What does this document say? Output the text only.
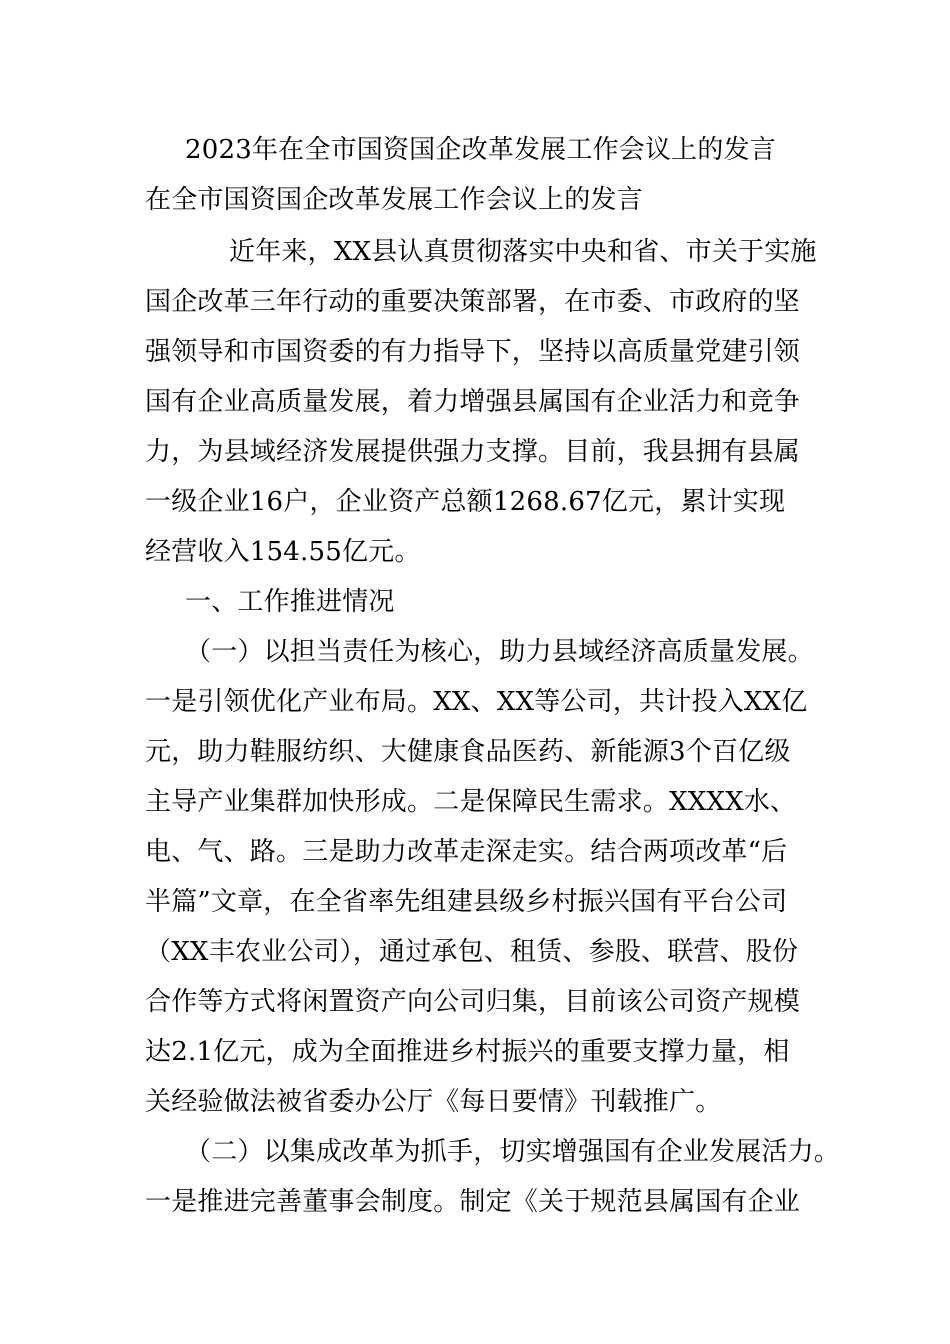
2023年在全市国资国企改革发展工作会议上的发言
在全市国资国企改革发展工作会议上的发言
近年来，XX县认真贯彻落实中央和省、市关于实施
国企改革三年行动的重要决策部署，在市委、市政府的坚
强领导和市国资委的有力指导下，坚持以高质量党建引领
国有企业高质量发展，着力增强县属国有企业活力和竞争
力，为县域经济发展提供强力支撑。目前，我县拥有县属
一级企业16户，企业资产总额1268.67亿元，累计实现
经营收入154.55亿元。
一、工作推进情况
（一）以担当责任为核心，助力县域经济高质量发展。
一是引领优化产业布局。XX、XX等公司，共计投入XX亿
元，助力鞋服纺织、大健康食品医药、新能源3个百亿级
主导产业集群加快形成。二是保障民生需求。XXXX水、
电、气、路。三是助力改革走深走实。结合两项改革“后
半篇”文章，在全省率先组建县级乡村振兴国有平台公司
（XX丰农业公司），通过承包、租赁、参股、联营、股份
合作等方式将闲置资产向公司归集，目前该公司资产规模
达2.1亿元，成为全面推进乡村振兴的重要支撑力量，相
关经验做法被省委办公厅《每日要情》刊载推广。
（二）以集成改革为抓手，切实增强国有企业发展活力。
一是推进完善董事会制度。制定《关于规范县属国有企业
